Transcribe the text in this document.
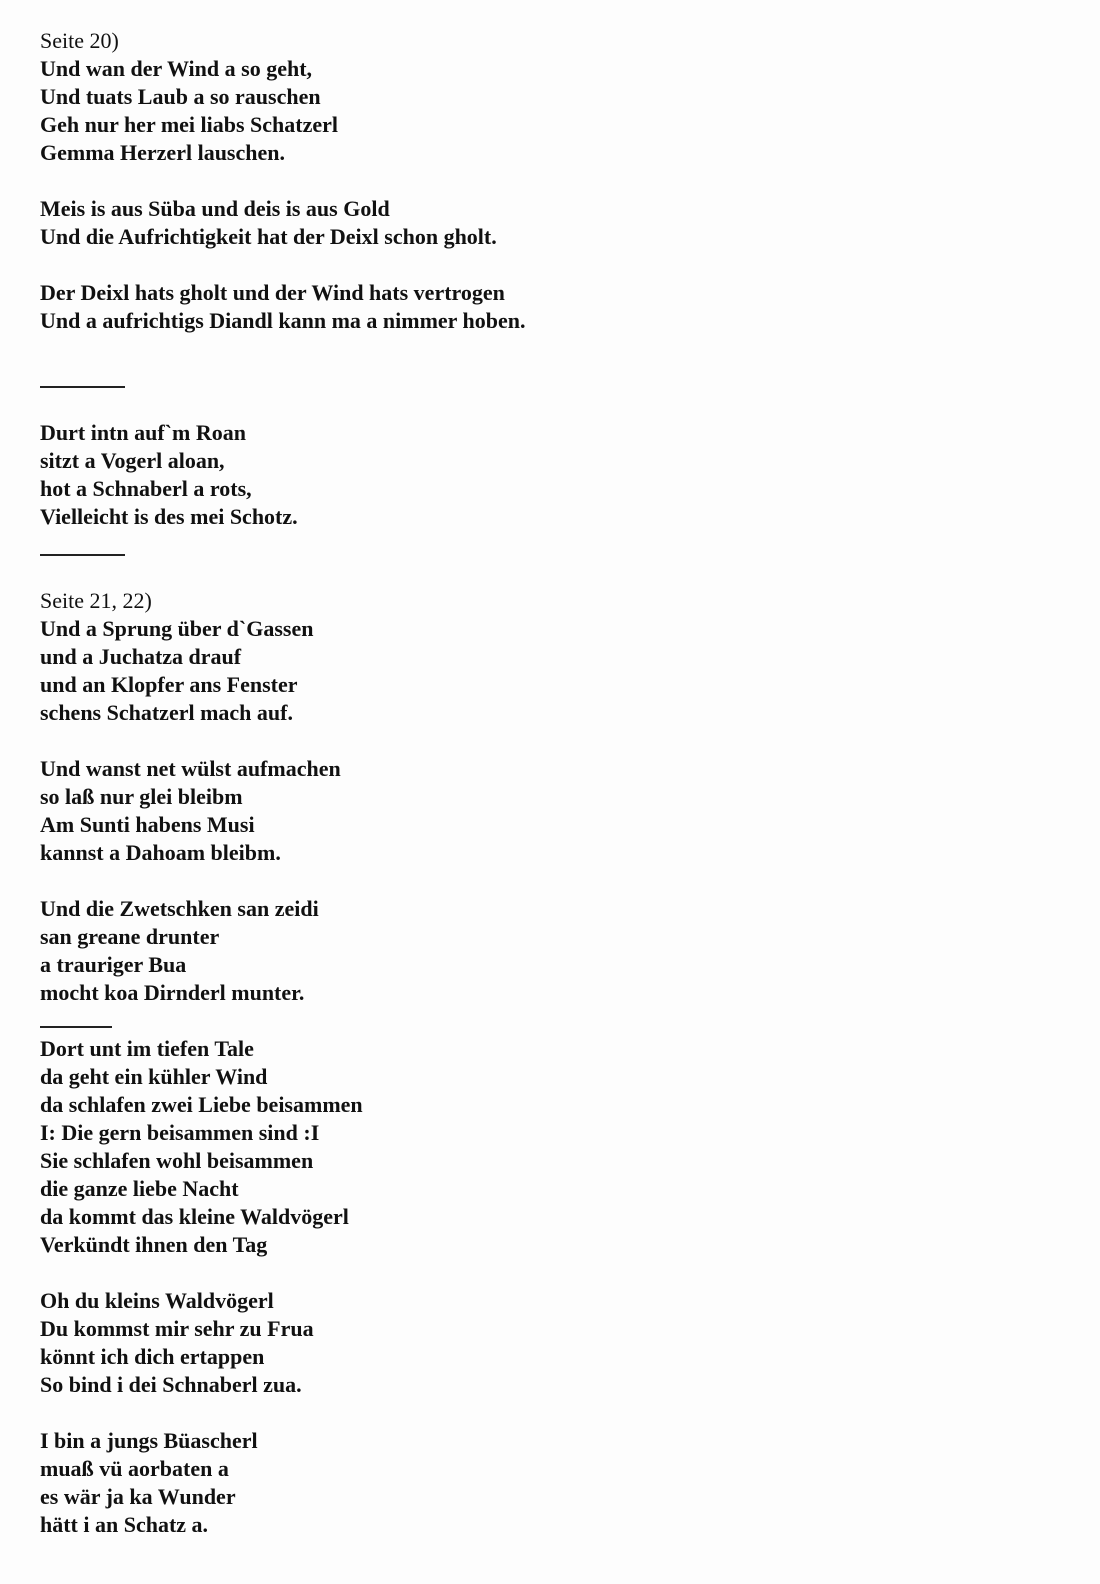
Seite 20)
Und wan der Wind a so geht,
Und tuats Laub a so rauschen
Geh nur her mei liabs Schatzerl
Gemma Herzerl lauschen.
Meis is aus Süba und deis is aus Gold
Und die Aufrichtigkeit hat der Deixl schon gholt.
Der Deixl hats gholt und der Wind hats vertrogen
Und a aufrichtigs Diandl kann ma a nimmer hoben.
Durt intn auf`m Roan
sitzt a Vogerl aloan,
hot a Schnaberl a rots,
Vielleicht is des mei Schotz.
Seite 21, 22)
Und a Sprung über d`Gassen
und a Juchatza drauf
und an Klopfer ans Fenster
schens Schatzerl mach auf.
Und wanst net wülst aufmachen
so laß nur glei bleibm
Am Sunti habens Musi
kannst a Dahoam bleibm.
Und die Zwetschken san zeidi
san greane drunter
a trauriger Bua
mocht koa Dirnderl munter.
Dort unt im tiefen Tale
da geht ein kühler Wind
da schlafen zwei Liebe beisammen
I: Die gern beisammen sind :I
Sie schlafen wohl beisammen
die ganze liebe Nacht
da kommt das kleine Waldvögerl
Verkündt ihnen den Tag
Oh du kleins Waldvögerl
Du kommst mir sehr zu Frua
könnt ich dich ertappen
So bind i dei Schnaberl zua.
I bin a jungs Büascherl
muaß vü aorbaten a
es wär ja ka Wunder
hätt i an Schatz a.
